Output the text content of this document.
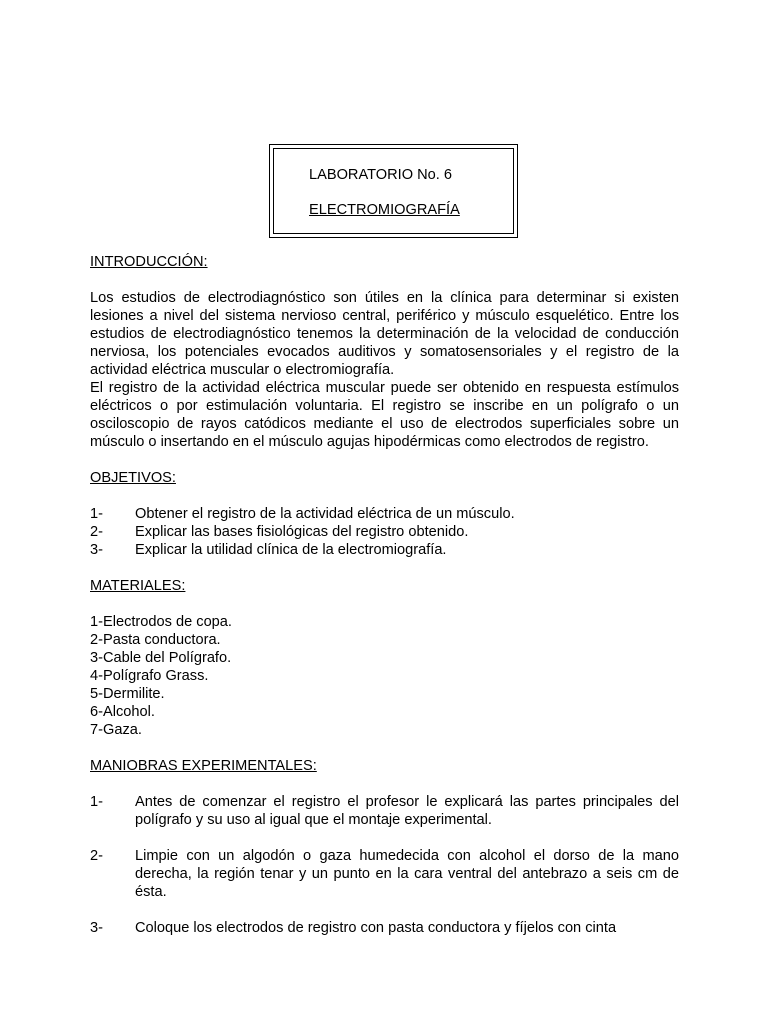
LABORATORIO No. 6
ELECTROMIOGRAFÍA
INTRODUCCIÓN:

Los estudios de electrodiagnóstico son útiles en la clínica para determinar si existen lesiones a nivel del sistema nervioso central, periférico y músculo esquelético. Entre los estudios de electrodiagnóstico tenemos la determinación de la velocidad de conducción nerviosa, los potenciales evocados auditivos y somatosensoriales y el registro de la actividad eléctrica muscular o electromiografía.

El registro de la actividad eléctrica muscular puede ser obtenido en respuesta estímulos eléctricos o por estimulación voluntaria. El registro se inscribe en un polígrafo o un osciloscopio de rayos catódicos mediante el uso de electrodos superficiales sobre un músculo o insertando en el músculo agujas hipodérmicas como electrodos de registro.

OBJETIVOS:
1-	Obtener el registro de la actividad eléctrica de un músculo.
2-	Explicar las bases fisiológicas del registro obtenido.
3-	Explicar la utilidad clínica de la electromiografía.
MATERIALES:
1-Electrodos de copa.
2-Pasta conductora.
3-Cable del Polígrafo.
4-Polígrafo Grass.
5-Dermilite.
6-Alcohol.
7-Gaza.
MANIOBRAS EXPERIMENTALES:
1-	Antes de comenzar el registro el profesor le explicará las partes principales del polígrafo y su uso al igual que el montaje experimental.
2-	Limpie con un algodón o gaza humedecida con alcohol el dorso de la mano derecha, la región tenar y un punto en la cara ventral del antebrazo a seis cm de ésta.
3-	Coloque los electrodos de registro con pasta conductora y fíjelos con cinta
